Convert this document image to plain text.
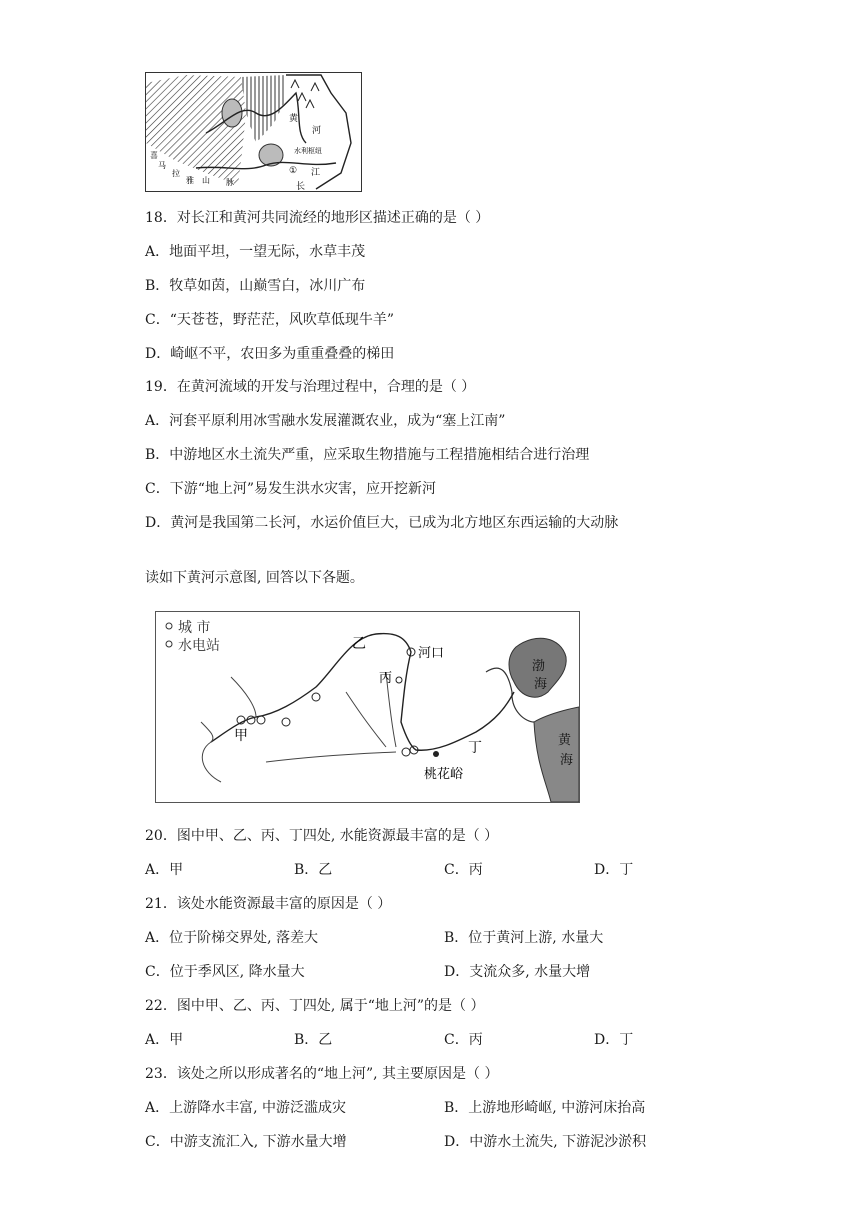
黄
河
水利枢纽
① 江
长
喜
马
拉
雅 山 脉
18．对长江和黄河共同流经的地形区描述正确的是（ ）
A．地面平坦，一望无际，水草丰茂
B．牧草如茵，山巅雪白，冰川广布
C．“天苍苍，野茫茫，风吹草低现牛羊”
D．崎岖不平，农田多为重重叠叠的梯田
19．在黄河流域的开发与治理过程中，合理的是（ ）
A．河套平原利用冰雪融水发展灌溉农业，成为“塞上江南”
B．中游地区水土流失严重，应采取生物措施与工程措施相结合进行治理
C．下游“地上河”易发生洪水灾害，应开挖新河
D．黄河是我国第二长河，水运价值巨大，已成为北方地区东西运输的大动脉
读如下黄河示意图, 回答以下各题。
城 市
水电站
甲
乙
丙
丁
河口
桃花峪
渤
海
黄
海
20．图中甲、乙、丙、丁四处, 水能资源最丰富的是（ ）
A．甲	B．乙	C．丙	D．丁
21．该处水能资源最丰富的原因是（ ）
A．位于阶梯交界处, 落差大	B．位于黄河上游, 水量大
C．位于季风区, 降水量大	D．支流众多, 水量大增
22．图中甲、乙、丙、丁四处, 属于“地上河”的是（ ）
A．甲	B．乙	C．丙	D．丁
23．该处之所以形成著名的“地上河”, 其主要原因是（ ）
A．上游降水丰富, 中游泛滥成灾	B．上游地形崎岖, 中游河床抬高
C．中游支流汇入, 下游水量大增	D．中游水土流失, 下游泥沙淤积
